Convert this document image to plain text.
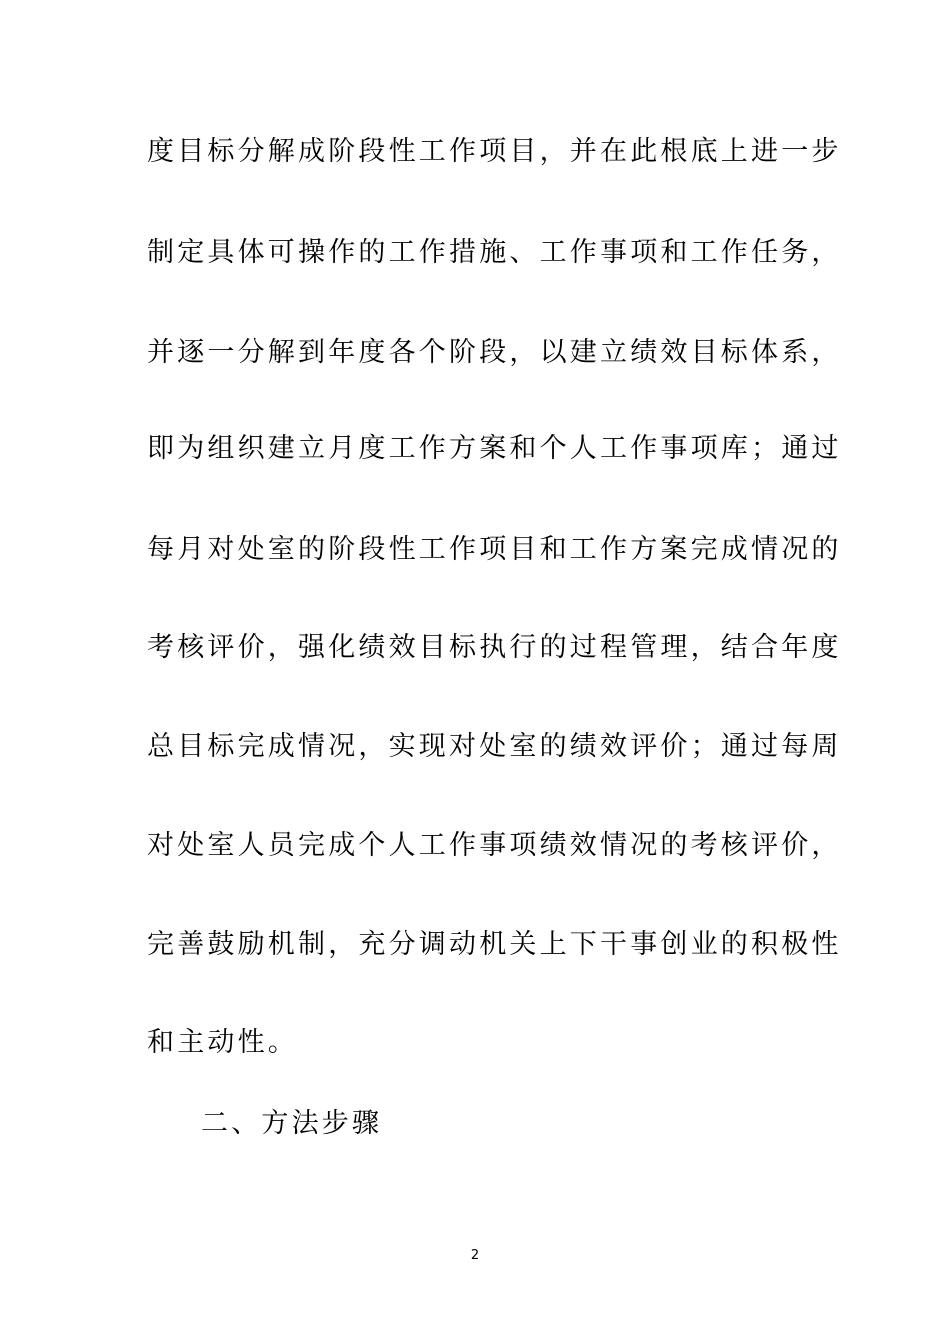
度目标分解成阶段性工作项目，并在此根底上进一步
制定具体可操作的工作措施、工作事项和工作任务，
并逐一分解到年度各个阶段，以建立绩效目标体系，
即为组织建立月度工作方案和个人工作事项库；通过
每月对处室的阶段性工作项目和工作方案完成情况的
考核评价，强化绩效目标执行的过程管理，结合年度
总目标完成情况，实现对处室的绩效评价；通过每周
对处室人员完成个人工作事项绩效情况的考核评价，
完善鼓励机制，充分调动机关上下干事创业的积极性
和主动性。
二、方法步骤
2
